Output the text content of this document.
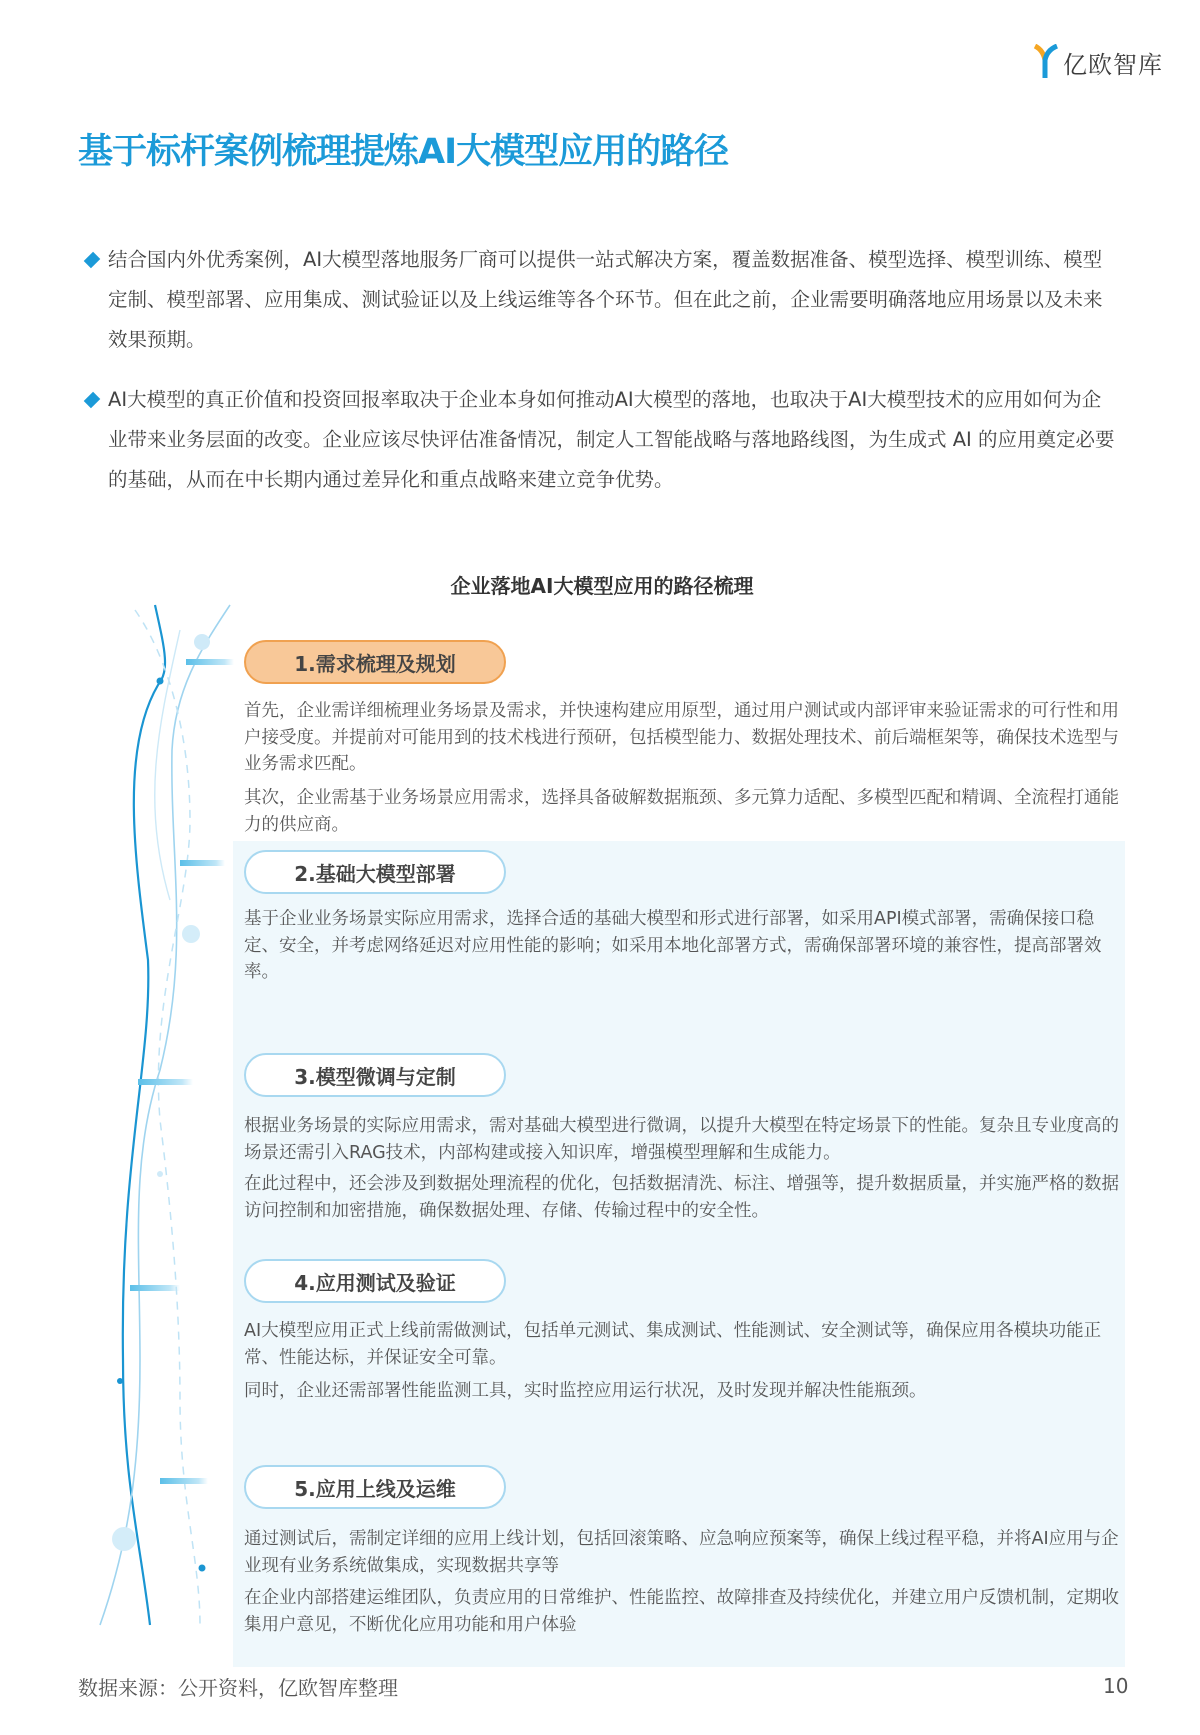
亿欧智库
基于标杆案例梳理提炼AI大模型应用的路径

结合国内外优秀案例，AI大模型落地服务厂商可以提供一站式解决方案，覆盖数据准备、模型选择、模型训练、模型定制、模型部署、应用集成、测试验证以及上线运维等各个环节。但在此之前，企业需要明确落地应用场景以及未来效果预期。

AI大模型的真正价值和投资回报率取决于企业本身如何推动AI大模型的落地，也取决于AI大模型技术的应用如何为企业带来业务层面的改变。企业应该尽快评估准备情况，制定人工智能战略与落地路线图，为生成式 AI 的应用奠定必要的基础，从而在中长期内通过差异化和重点战略来建立竞争优势。

企业落地AI大模型应用的路径梳理
1.需求梳理及规划

首先，企业需详细梳理业务场景及需求，并快速构建应用原型，通过用户测试或内部评审来验证需求的可行性和用户接受度。并提前对可能用到的技术栈进行预研，包括模型能力、数据处理技术、前后端框架等，确保技术选型与业务需求匹配。

其次，企业需基于业务场景应用需求，选择具备破解数据瓶颈、多元算力适配、多模型匹配和精调、全流程打通能力的供应商。

2.基础大模型部署

基于企业业务场景实际应用需求，选择合适的基础大模型和形式进行部署，如采用API模式部署，需确保接口稳定、安全，并考虑网络延迟对应用性能的影响；如采用本地化部署方式，需确保部署环境的兼容性，提高部署效率。

3.模型微调与定制

根据业务场景的实际应用需求，需对基础大模型进行微调，以提升大模型在特定场景下的性能。复杂且专业度高的场景还需引入RAG技术，内部构建或接入知识库，增强模型理解和生成能力。

在此过程中，还会涉及到数据处理流程的优化，包括数据清洗、标注、增强等，提升数据质量，并实施严格的数据访问控制和加密措施，确保数据处理、存储、传输过程中的安全性。

4.应用测试及验证

AI大模型应用正式上线前需做测试，包括单元测试、集成测试、性能测试、安全测试等，确保应用各模块功能正常、性能达标，并保证安全可靠。

同时，企业还需部署性能监测工具，实时监控应用运行状况，及时发现并解决性能瓶颈。

5.应用上线及运维

通过测试后，需制定详细的应用上线计划，包括回滚策略、应急响应预案等，确保上线过程平稳，并将AI应用与企业现有业务系统做集成，实现数据共享等

在企业内部搭建运维团队，负责应用的日常维护、性能监控、故障排查及持续优化，并建立用户反馈机制，定期收集用户意见，不断优化应用功能和用户体验

数据来源：公开资料，亿欧智库整理	10
